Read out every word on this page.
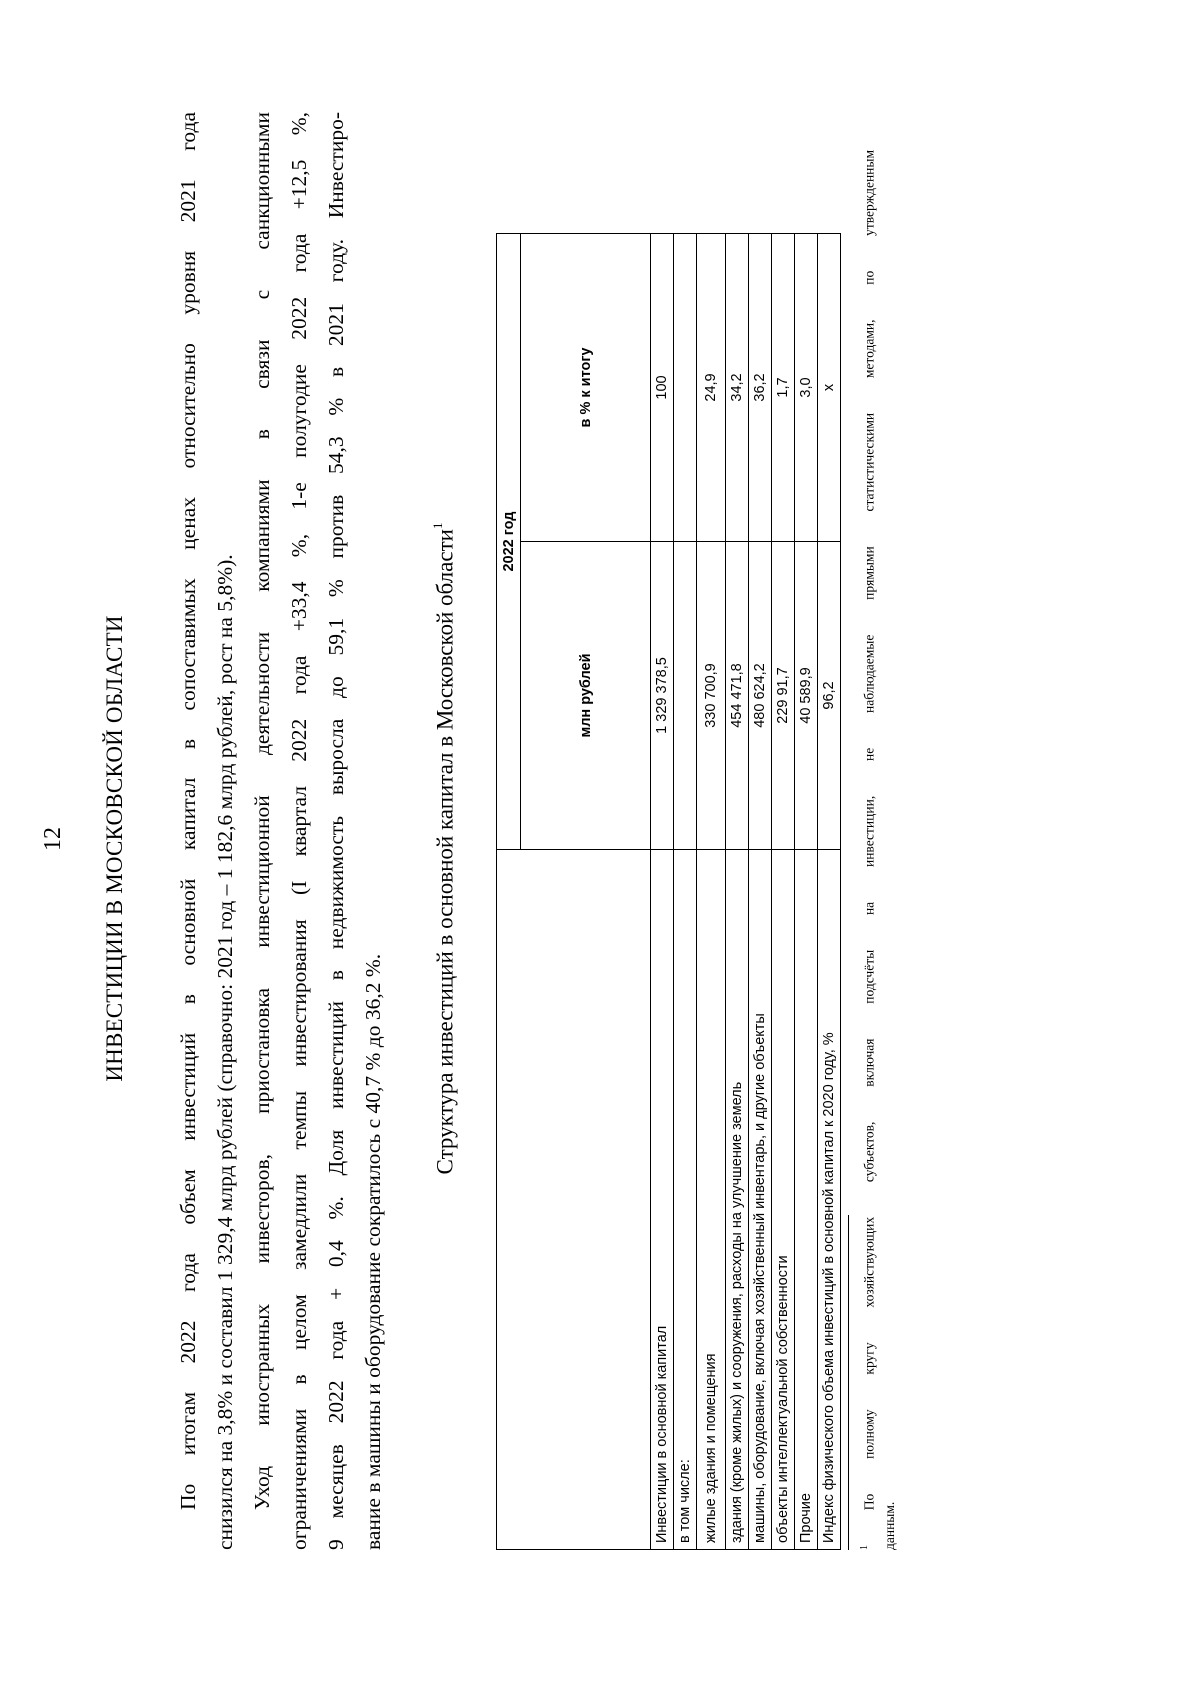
12 ИНВЕСТИЦИИ В МОСКОВСКОЙ ОБЛАСТИ По итогам 2022 года объем инвестиций в основной капитал в сопоставимых ценах относительно уровня 2021 года снизился на 3,8% и составил 1 329,4 млрд рублей (справочно: 2021 год – 1 182,6 млрд рублей, рост на 5,8%). Уход иностранных инвесторов, приостановка инвестиционной деятельности компаниями в связи с санкционными ограничениями в целом замедлили темпы инвестирования (I квартал 2022 года +33,4 %, 1-е полугодие 2022 года +12,5 %, 9 месяцев 2022 года + 0,4 %. Доля инвестиций в недвижимость выросла до 59,1 % против 54,3 % в 2021 году. Инвестиро- вание в машины и оборудование сократилось с 40,7 % до 36,2 %.
Структура инвестиций в основной капитал в Московской области$^1$
		2022 год	
	млн рублей	в % к итогу
Инвестиции в основной капитал	1 329 378,5	100
в том числе:		
жилые здания и помещения	330 700,9	24,9
здания (кроме жилых) и сооружения, расходы на улучшение земель	454 471,8	34,2
машины, оборудование, включая хозяйственный инвентарь, и другие объекты	480 624,2	36,2
объекты интеллектуальной собственности	229 91,7	1,7
Прочие	40 589,9	3,0
Индекс физического объема инвестиций в основной капитал к 2020 году, %	96,2	х
$^1$ По полному кругу хозяйствующих субъектов, включая подсчёты на инвестиции, не наблюдаемые прямыми статистическими методами, по утвержденным
данным.
